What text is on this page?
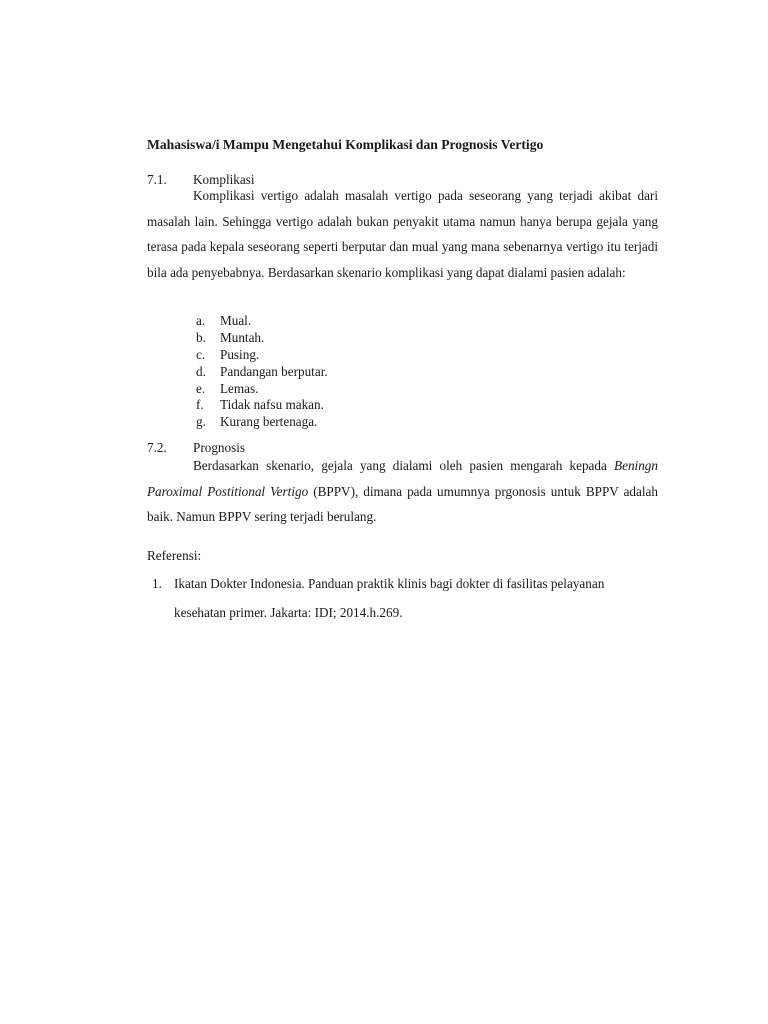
Mahasiswa/i Mampu Mengetahui Komplikasi dan Prognosis Vertigo
7.1. Komplikasi
Komplikasi vertigo adalah masalah vertigo pada seseorang yang terjadi akibat dari masalah lain. Sehingga vertigo adalah bukan penyakit utama namun hanya berupa gejala yang terasa pada kepala seseorang seperti berputar dan mual yang mana sebenarnya vertigo itu terjadi bila ada penyebabnya. Berdasarkan skenario komplikasi yang dapat dialami pasien adalah:
a. Mual.
b. Muntah.
c. Pusing.
d. Pandangan berputar.
e. Lemas.
f. Tidak nafsu makan.
g. Kurang bertenaga.
7.2. Prognosis
Berdasarkan skenario, gejala yang dialami oleh pasien mengarah kepada Beningn Paroximal Postitional Vertigo (BPPV), dimana pada umumnya prgonosis untuk BPPV adalah baik. Namun BPPV sering terjadi berulang.
Referensi:
1. Ikatan Dokter Indonesia. Panduan praktik klinis bagi dokter di fasilitas pelayanan kesehatan primer. Jakarta: IDI; 2014.h.269.
